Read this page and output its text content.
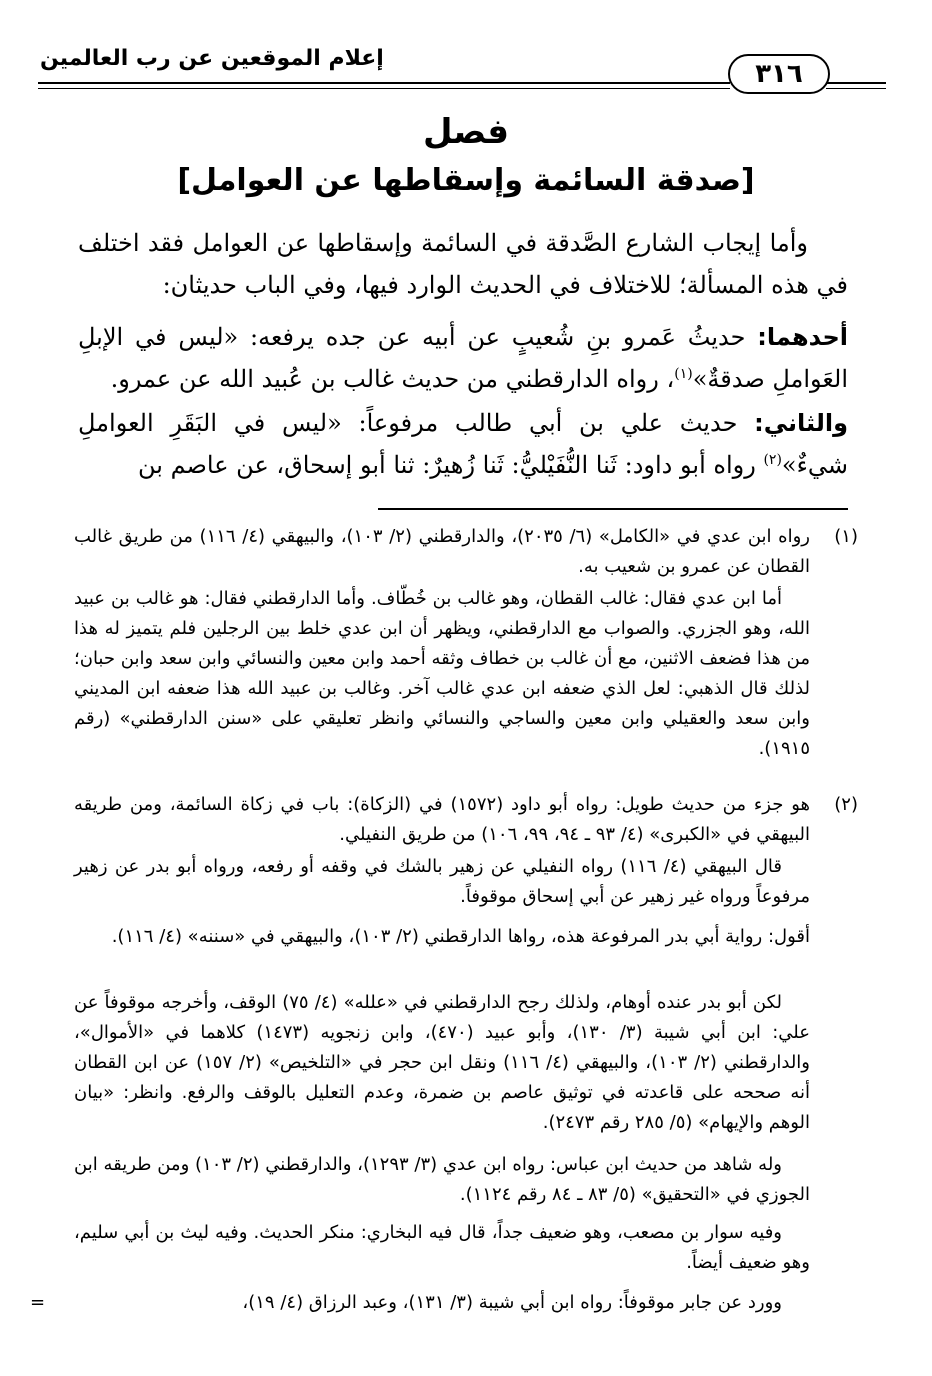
إعلام الموقعين عن رب العالمين
٣١٦
فصل
[صدقة السائمة وإسقاطها عن العوامل]
وأما إيجاب الشارع الصَّدقة في السائمة وإسقاطها عن العوامل فقد اختلف في هذه المسألة؛ للاختلاف في الحديث الوارد فيها، وفي الباب حديثان:
أحدهما: حديثُ عَمرو بنِ شُعيبٍ عن أبيه عن جده يرفعه: «ليس في الإبلِ العَواملِ صدقةٌ»$^{(١)}$، رواه الدارقطني من حديث غالب بن عُبيد الله عن عمرو.
والثاني: حديث علي بن أبي طالب مرفوعاً: «ليس في البَقَرِ العواملِ شيءٌ»$^{(٢)}$ رواه أبو داود: ثَنا النُّفَيْليُّ: ثَنا زُهيرٌ: ثنا أبو إسحاق، عن عاصم بن
(١)
رواه ابن عدي في «الكامل» (٦/ ٢٠٣٥)، والدارقطني (٢/ ١٠٣)، والبيهقي (٤/ ١١٦) من طريق غالب القطان عن عمرو بن شعيب به.
أما ابن عدي فقال: غالب القطان، وهو غالب بن خُطّاف. وأما الدارقطني فقال: هو غالب بن عبيد الله، وهو الجزري. والصواب مع الدارقطني، ويظهر أن ابن عدي خلط بين الرجلين فلم يتميز له هذا من هذا فضعف الاثنين، مع أن غالب بن خطاف وثقه أحمد وابن معين والنسائي وابن سعد وابن حبان؛ لذلك قال الذهبي: لعل الذي ضعفه ابن عدي غالب آخر. وغالب بن عبيد الله هذا ضعفه ابن المديني وابن سعد والعقيلي وابن معين والساجي والنسائي وانظر تعليقي على «سنن الدارقطني» (رقم ١٩١٥).
(٢)
هو جزء من حديث طويل: رواه أبو داود (١٥٧٢) في (الزكاة): باب في زكاة السائمة، ومن طريقه البيهقي في «الكبرى» (٤/ ٩٣ ـ ٩٤، ٩٩، ١٠٦) من طريق النفيلي.
قال البيهقي (٤/ ١١٦) رواه النفيلي عن زهير بالشك في وقفه أو رفعه، ورواه أبو بدر عن زهير مرفوعاً ورواه غير زهير عن أبي إسحاق موقوفاً.
أقول: رواية أبي بدر المرفوعة هذه، رواها الدارقطني (٢/ ١٠٣)، والبيهقي في «سننه» (٤/ ١١٦).
لكن أبو بدر عنده أوهام، ولذلك رجح الدارقطني في «علله» (٤/ ٧٥) الوقف، وأخرجه موقوفاً عن علي: ابن أبي شيبة (٣/ ١٣٠)، وأبو عبيد (٤٧٠)، وابن زنجويه (١٤٧٣) كلاهما في «الأموال»، والدارقطني (٢/ ١٠٣)، والبيهقي (٤/ ١١٦) ونقل ابن حجر في «التلخيص» (٢/ ١٥٧) عن ابن القطان أنه صححه على قاعدته في توثيق عاصم بن ضمرة، وعدم التعليل بالوقف والرفع. وانظر: «بيان الوهم والإيهام» (٥/ ٢٨٥ رقم ٢٤٧٣).
وله شاهد من حديث ابن عباس: رواه ابن عدي (٣/ ١٢٩٣)، والدارقطني (٢/ ١٠٣) ومن طريقه ابن الجوزي في «التحقيق» (٥/ ٨٣ ـ ٨٤ رقم ١١٢٤).
وفيه سوار بن مصعب، وهو ضعيف جداً، قال فيه البخاري: منكر الحديث. وفيه ليث بن أبي سليم، وهو ضعيف أيضاً.
وورد عن جابر موقوفاً: رواه ابن أبي شيبة (٣/ ١٣١)، وعبد الرزاق (٤/ ١٩)،
=
